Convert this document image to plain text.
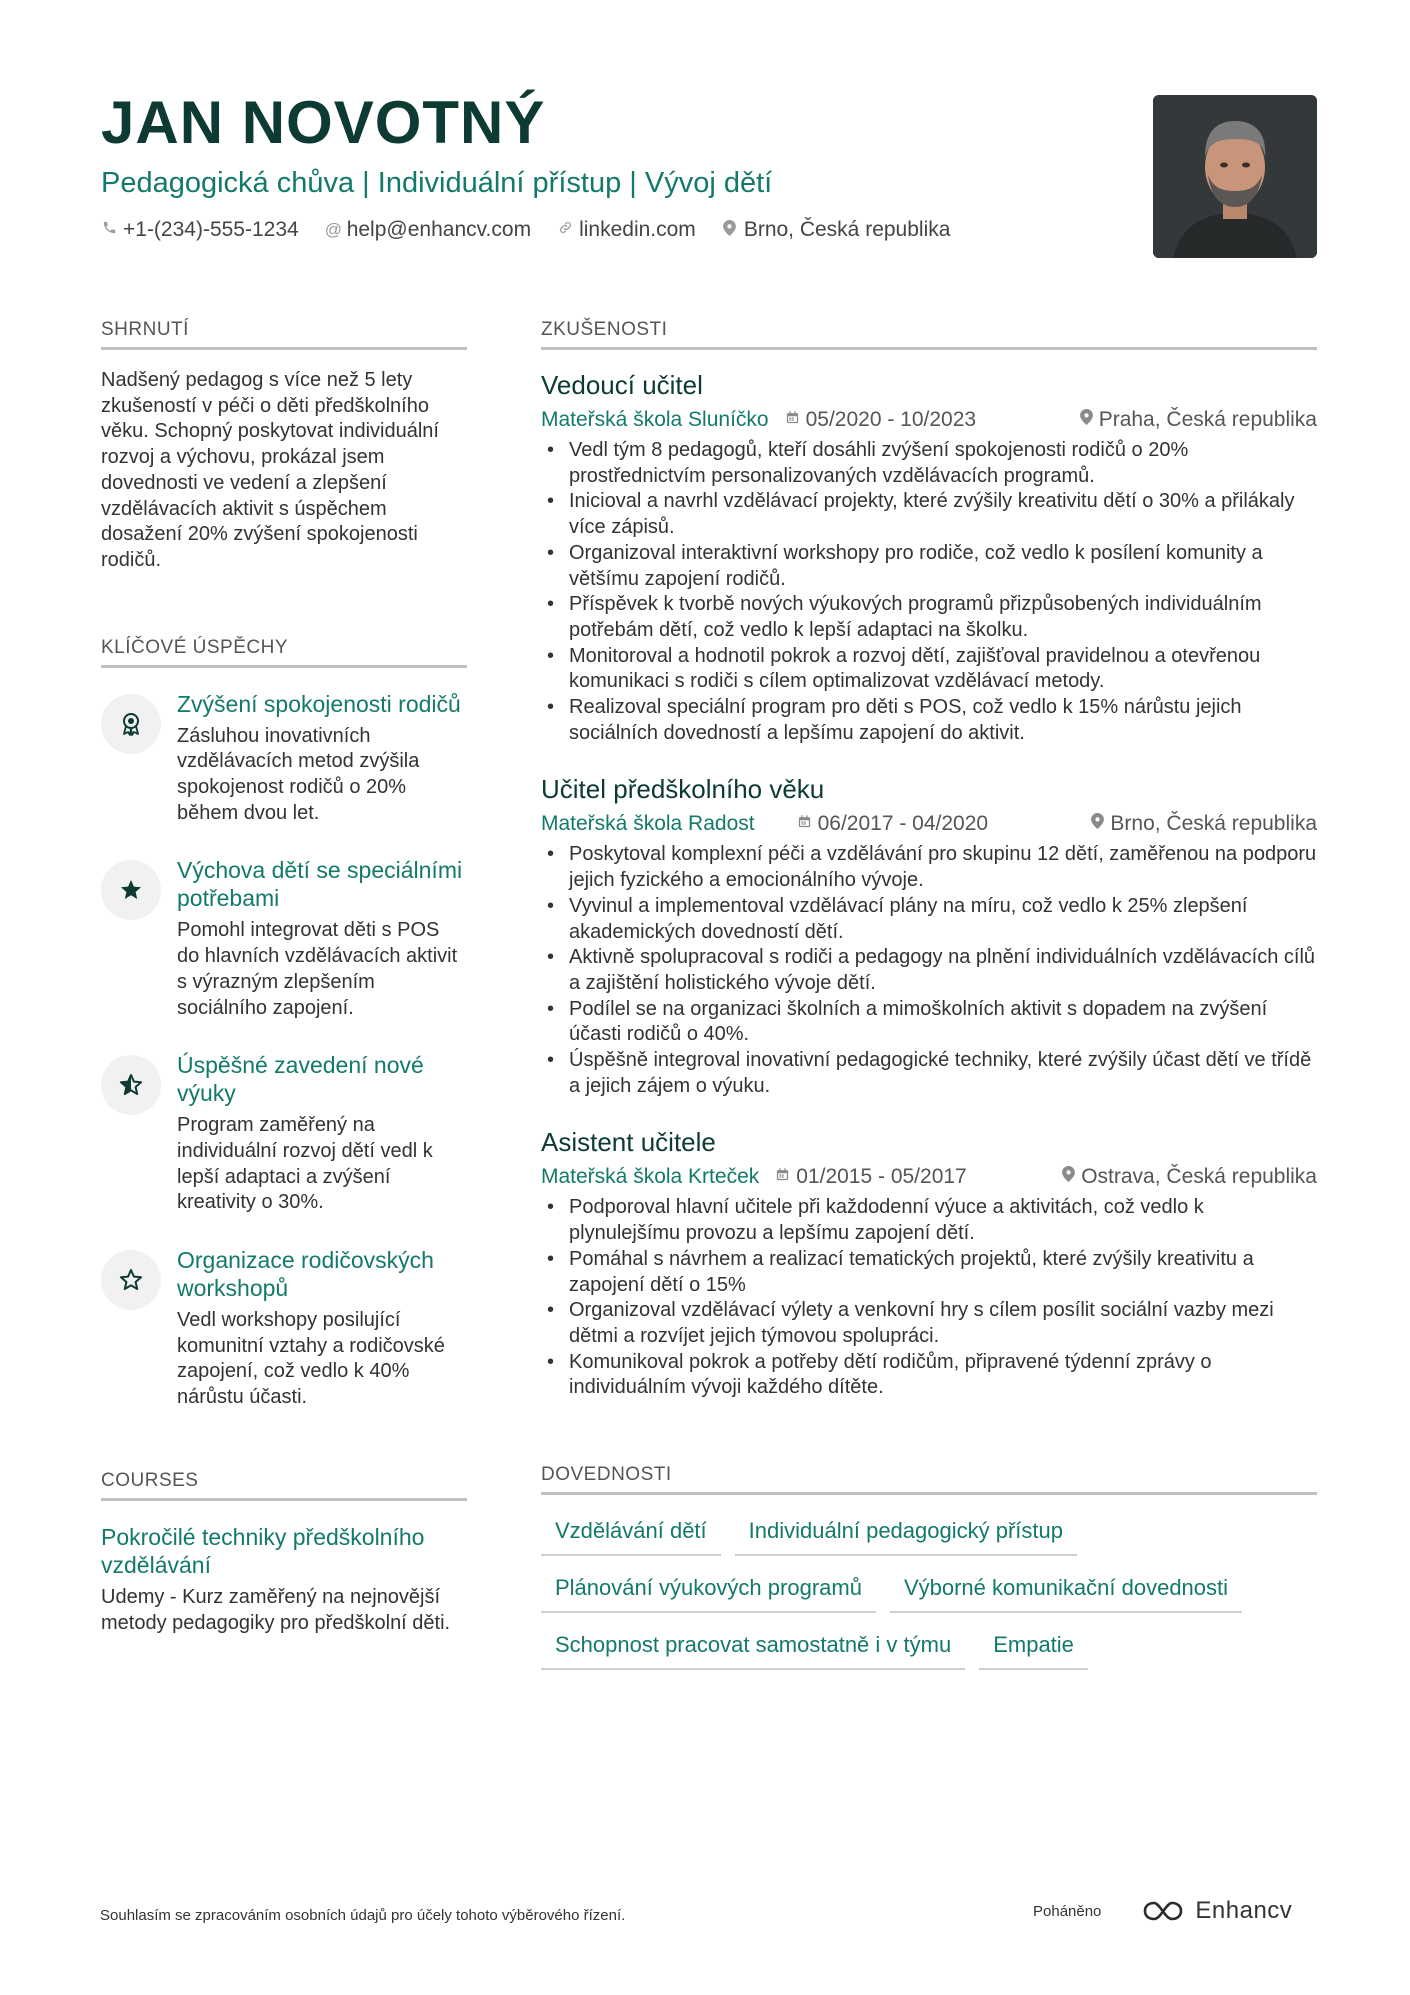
JAN NOVOTNÝ
Pedagogická chůva | Individuální přístup | Vývoj dětí
+1-(234)-555-1234 @ help@enhancv.com linkedin.com Brno, Česká republika
SHRNUTÍ
Nadšený pedagog s více než 5 lety zkušeností v péči o děti předškolního věku. Schopný poskytovat individuální rozvoj a výchovu, prokázal jsem dovednosti ve vedení a zlepšení vzdělávacích aktivit s úspěchem dosažení 20% zvýšení spokojenosti rodičů.
KLÍČOVÉ ÚSPĚCHY
Zvýšení spokojenosti rodičů
Zásluhou inovativních vzdělávacích metod zvýšila spokojenost rodičů o 20% během dvou let.
Výchova dětí se speciálními potřebami
Pomohl integrovat děti s POS do hlavních vzdělávacích aktivit s výrazným zlepšením sociálního zapojení.
Úspěšné zavedení nové výuky
Program zaměřený na individuální rozvoj dětí vedl k lepší adaptaci a zvýšení kreativity o 30%.
Organizace rodičovských workshopů
Vedl workshopy posilující komunitní vztahy a rodičovské zapojení, což vedlo k 40% nárůstu účasti.
COURSES
Pokročilé techniky předškolního vzdělávání
Udemy - Kurz zaměřený na nejnovější metody pedagogiky pro předškolní děti.
ZKUŠENOSTI
Vedoucí učitel
Mateřská škola Sluníčko 05/2020 - 10/2023	Praha, Česká republika
• Vedl tým 8 pedagogů, kteří dosáhli zvýšení spokojenosti rodičů o 20% prostřednictvím personalizovaných vzdělávacích programů.
• Inicioval a navrhl vzdělávací projekty, které zvýšily kreativitu dětí o 30% a přilákaly více zápisů.
• Organizoval interaktivní workshopy pro rodiče, což vedlo k posílení komunity a většímu zapojení rodičů.
• Příspěvek k tvorbě nových výukových programů přizpůsobených individuálním potřebám dětí, což vedlo k lepší adaptaci na školku.
• Monitoroval a hodnotil pokrok a rozvoj dětí, zajišťoval pravidelnou a otevřenou komunikaci s rodiči s cílem optimalizovat vzdělávací metody.
• Realizoval speciální program pro děti s POS, což vedlo k 15% nárůstu jejich sociálních dovedností a lepšímu zapojení do aktivit.
Učitel předškolního věku
Mateřská škola Radost	06/2017 - 04/2020	Brno, Česká republika
• Poskytoval komplexní péči a vzdělávání pro skupinu 12 dětí, zaměřenou na podporu jejich fyzického a emocionálního vývoje.
• Vyvinul a implementoval vzdělávací plány na míru, což vedlo k 25% zlepšení akademických dovedností dětí.
• Aktivně spolupracoval s rodiči a pedagogy na plnění individuálních vzdělávacích cílů a zajištění holistického vývoje dětí.
• Podílel se na organizaci školních a mimoškolních aktivit s dopadem na zvýšení účasti rodičů o 40%.
• Úspěšně integroval inovativní pedagogické techniky, které zvýšily účast dětí ve třídě a jejich zájem o výuku.
Asistent učitele
Mateřská škola Krteček 01/2015 - 05/2017	Ostrava, Česká republika
• Podporoval hlavní učitele při každodenní výuce a aktivitách, což vedlo k plynulejšímu provozu a lepšímu zapojení dětí.
• Pomáhal s návrhem a realizací tematických projektů, které zvýšily kreativitu a zapojení dětí o 15%
• Organizoval vzdělávací výlety a venkovní hry s cílem posílit sociální vazby mezi dětmi a rozvíjet jejich týmovou spolupráci.
• Komunikoval pokrok a potřeby dětí rodičům, připravené týdenní zprávy o individuálním vývoji každého dítěte.
DOVEDNOSTI
Vzdělávání dětí	Individuální pedagogický přístup
Plánování výukových programů	Výborné komunikační dovednosti
Schopnost pracovat samostatně i v týmu	Empatie
Souhlasím se zpracováním osobních údajů pro účely tohoto výběrového řízení.	Poháněno	Enhancv
